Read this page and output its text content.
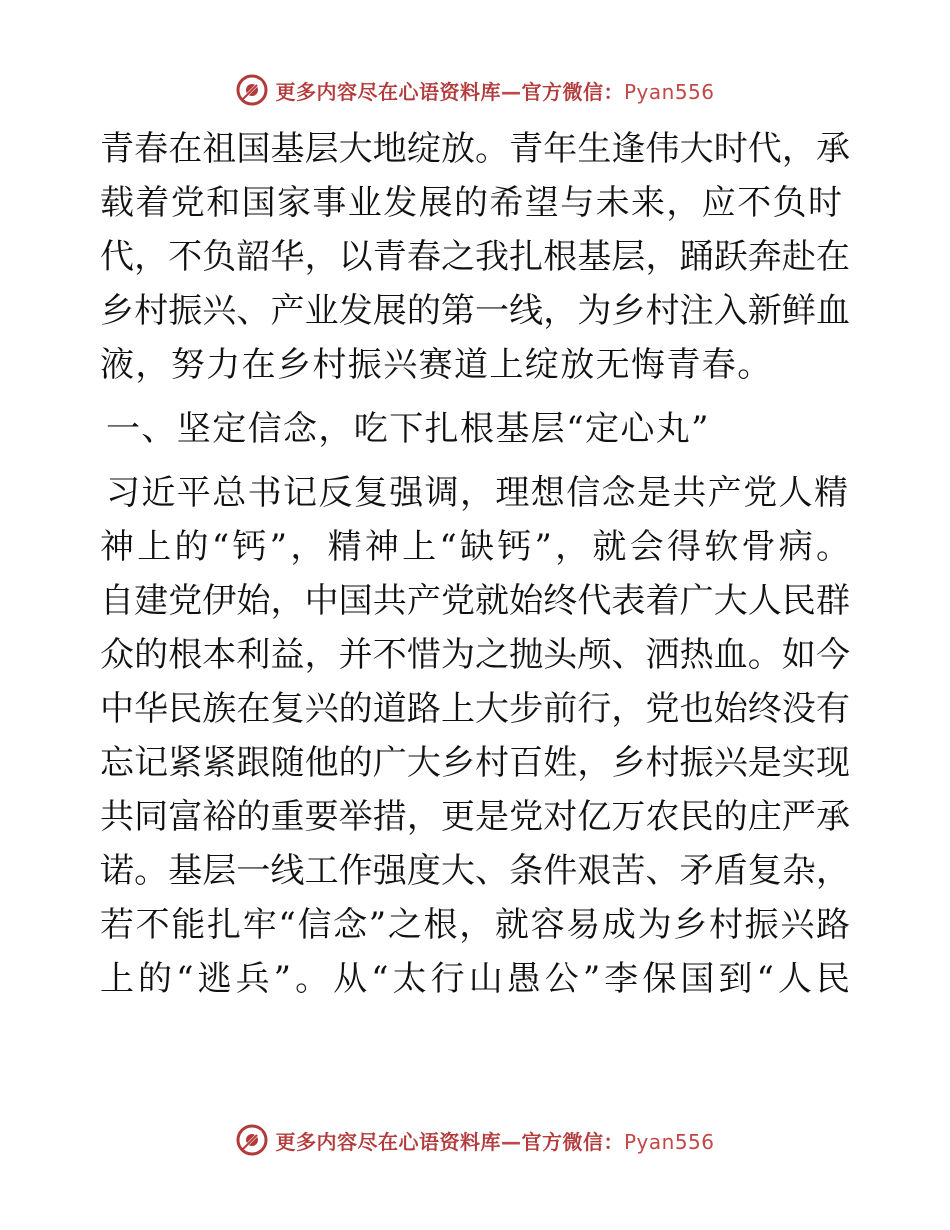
更多内容尽在心语资料库—官方微信：Pyan556
青春在祖国基层大地绽放。青年生逢伟大时代，承
载着党和国家事业发展的希望与未来，应不负时
代，不负韶华，以青春之我扎根基层，踊跃奔赴在
乡村振兴、产业发展的第一线，为乡村注入新鲜血
液，努力在乡村振兴赛道上绽放无悔青春。
一、坚定信念，吃下扎根基层“定心丸”
习近平总书记反复强调，理想信念是共产党人精
神上的“钙”，精神上“缺钙”，就会得软骨病。
自建党伊始，中国共产党就始终代表着广大人民群
众的根本利益，并不惜为之抛头颅、洒热血。如今
中华民族在复兴的道路上大步前行，党也始终没有
忘记紧紧跟随他的广大乡村百姓，乡村振兴是实现
共同富裕的重要举措，更是党对亿万农民的庄严承
诺。基层一线工作强度大、条件艰苦、矛盾复杂，
若不能扎牢“信念”之根，就容易成为乡村振兴路
上的“逃兵”。从“太行山愚公”李保国到“人民
更多内容尽在心语资料库—官方微信：Pyan556
